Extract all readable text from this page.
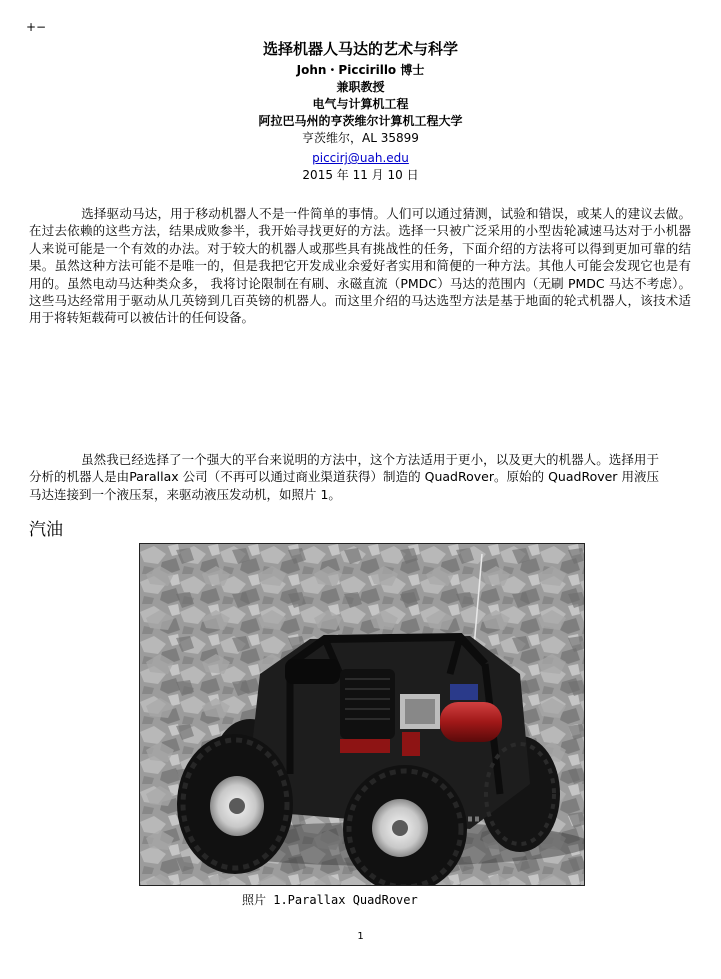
+−
选择机器人马达的艺术与科学
John・Piccirillo 博士
兼职教授
电气与计算机工程
阿拉巴马州的亨茨维尔计算机工程大学
亨茨维尔，AL 35899
piccirj@uah.edu
2015 年 11 月 10 日
选择驱动马达，用于移动机器人不是一件简单的事情。人们可以通过猜测，试验和错误，或某人的建议去做。在过去依赖的这些方法，结果成败参半，我开始寻找更好的方法。选择一只被广泛采用的小型齿轮减速马达对于小机器人来说可能是一个有效的办法。对于较大的机器人或那些具有挑战性的任务，下面介绍的方法将可以得到更加可靠的结果。虽然这种方法可能不是唯一的，但是我把它开发成业余爱好者实用和简便的一种方法。其他人可能会发现它也是有用的。虽然电动马达种类众多， 我将讨论限制在有刷、永磁直流（PMDC）马达的范围内（无刷 PMDC 马达不考虑）。这些马达经常用于驱动从几英镑到几百英镑的机器人。而这里介绍的马达选型方法是基于地面的轮式机器人，该技术适用于将转矩载荷可以被估计的任何设备。
虽然我已经选择了一个强大的平台来说明的方法中，这个方法适用于更小，以及更大的机器人。选择用于分析的机器人是由Parallax 公司（不再可以通过商业渠道获得）制造的 QuadRover。原始的 QuadRover 用液压马达连接到一个液压泵，来驱动液压发动机，如照片 1。
汽油
照片 1.Parallax QuadRover
1
